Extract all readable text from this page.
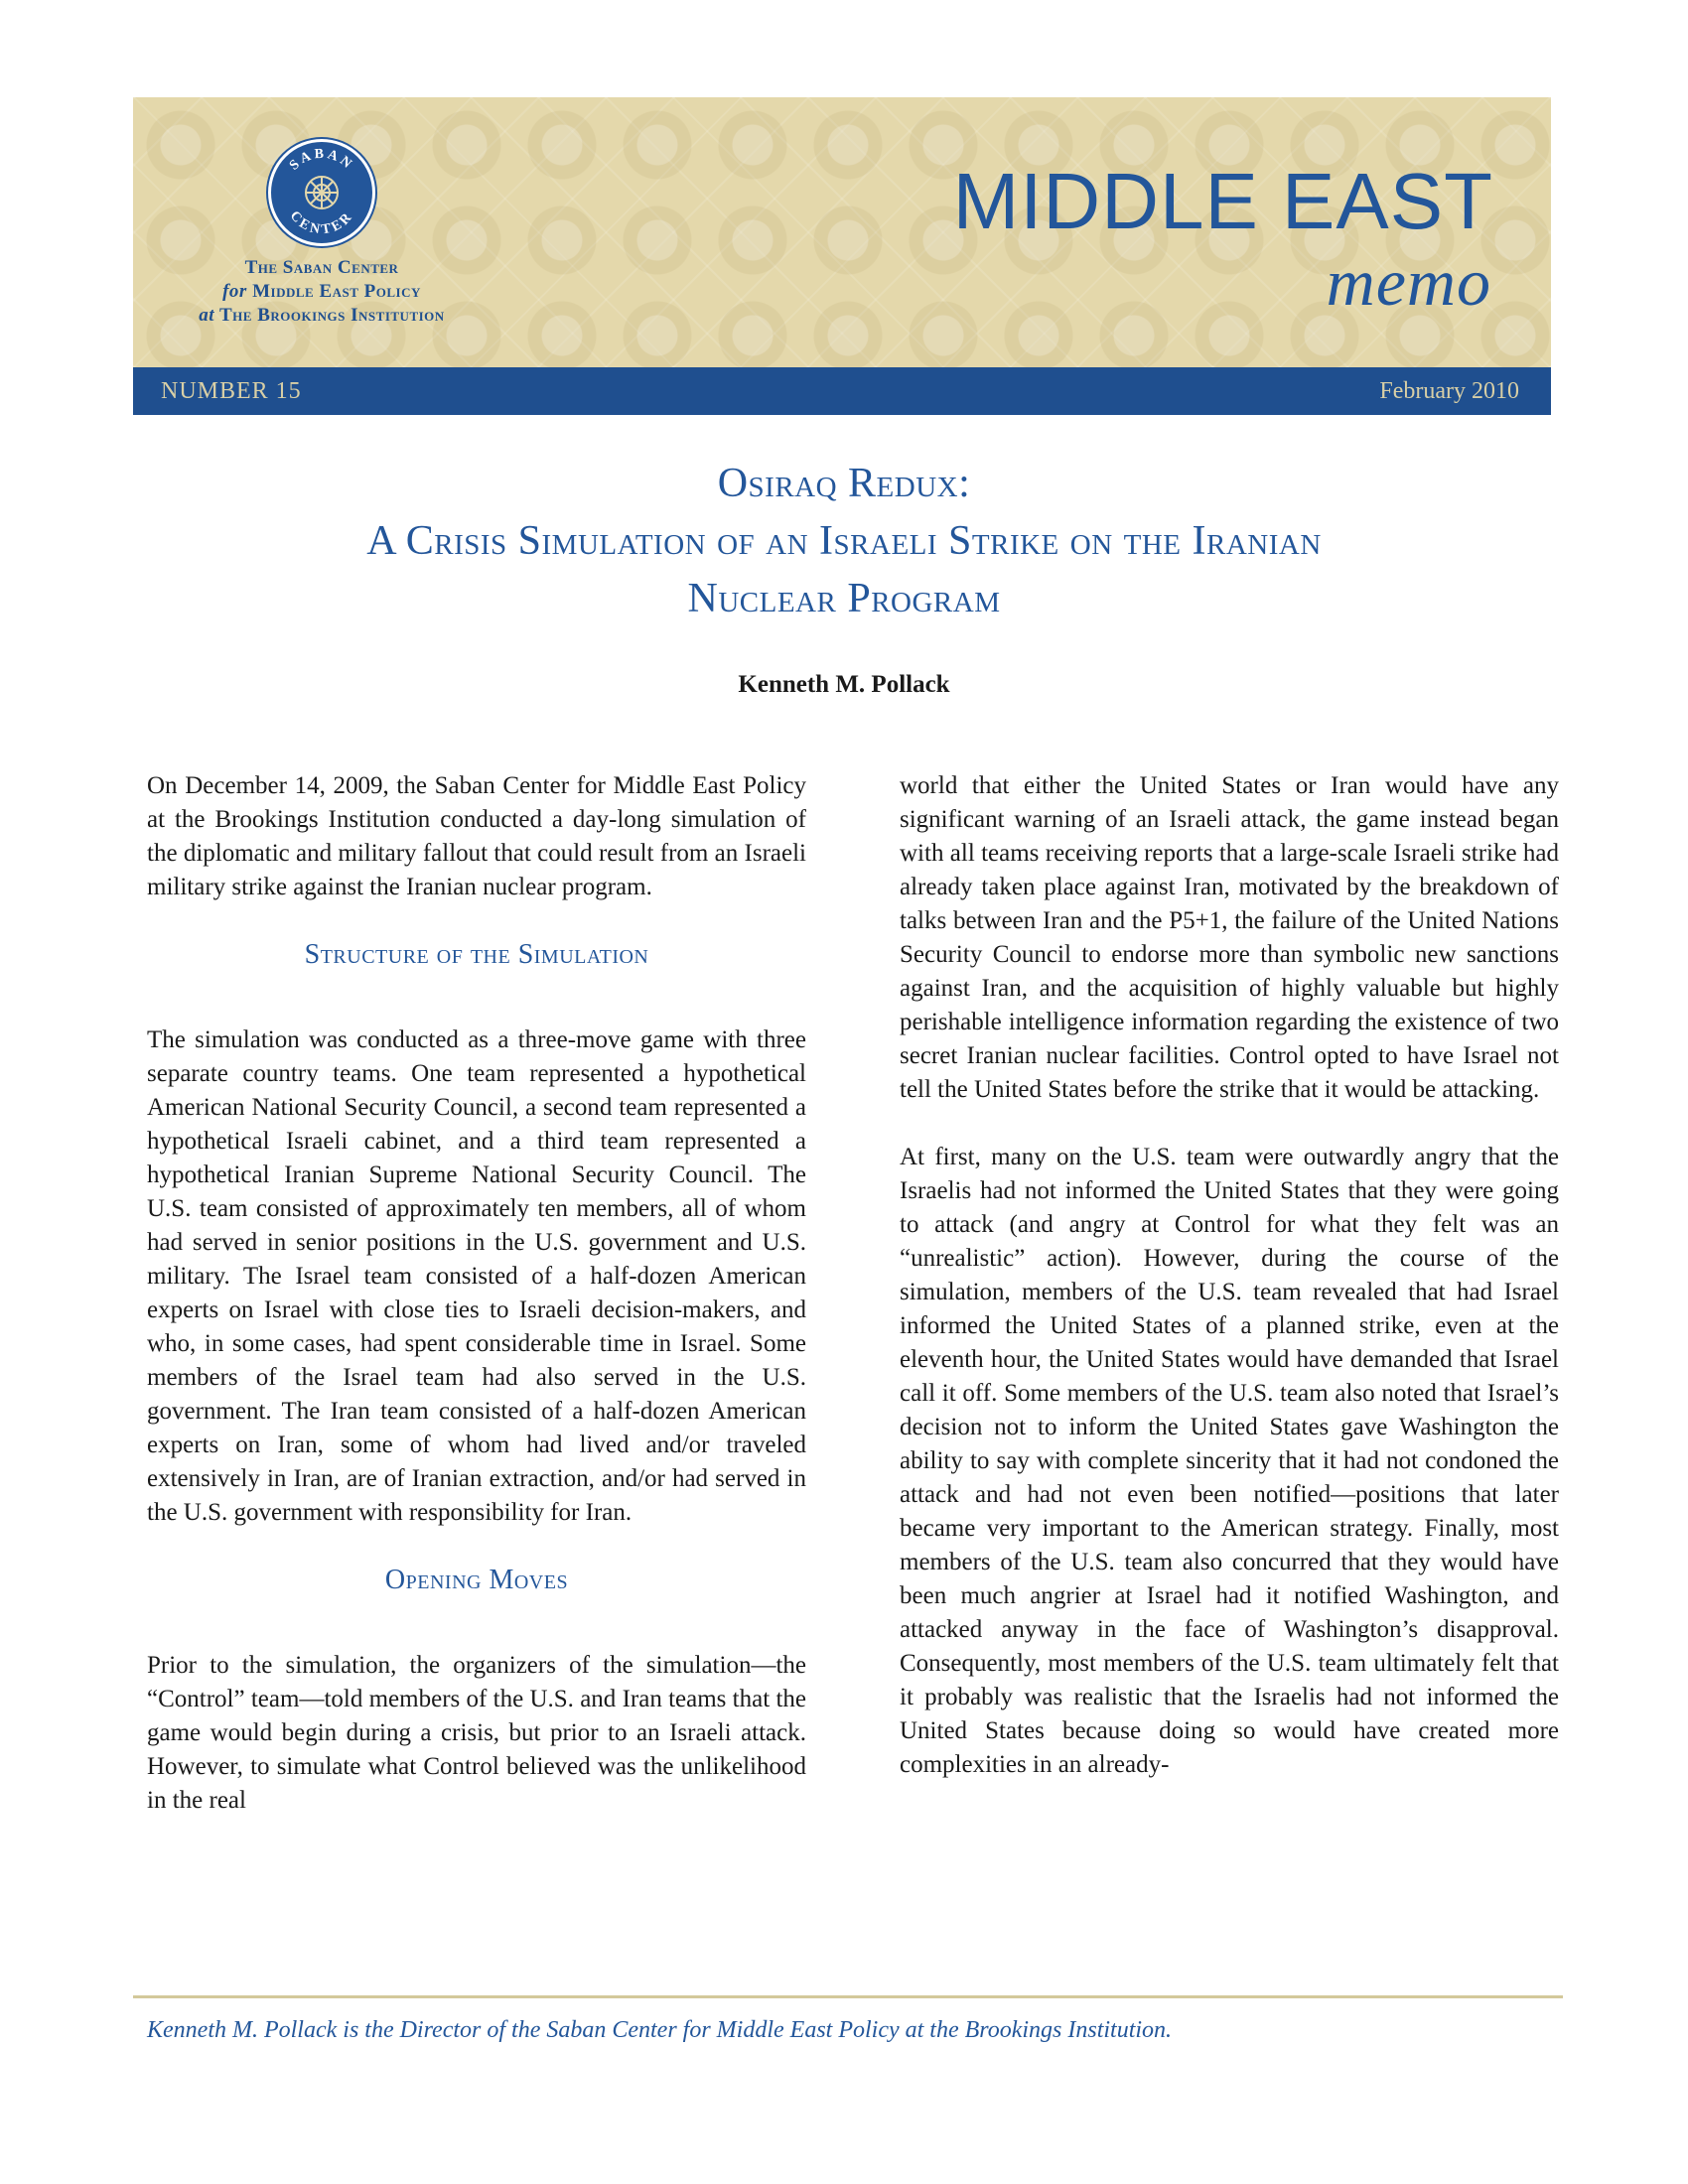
SABAN
CENTER
The Saban Center
for Middle East Policy
at The Brookings Institution
MIDDLE EAST
memo
NUMBER 15	February 2010
Osiraq Redux:
A Crisis Simulation of an Israeli Strike on the Iranian
Nuclear Program
Kenneth M. Pollack

On December 14, 2009, the Saban Center for Middle East Policy at the Brookings Institution conducted a day-long simulation of the diplomatic and military fallout that could result from an Israeli military strike against the Iranian nuclear program.

Structure of the Simulation

The simulation was conducted as a three-move game with three separate country teams. One team represented a hypothetical American National Security Council, a second team represented a hypothetical Israeli cabinet, and a third team represented a hypothetical Iranian Supreme National Security Council. The U.S. team consisted of approximately ten members, all of whom had served in senior positions in the U.S. government and U.S. military. The Israel team consisted of a half-dozen American experts on Israel with close ties to Israeli decision-makers, and who, in some cases, had spent considerable time in Israel. Some members of the Israel team had also served in the U.S. government. The Iran team consisted of a half-dozen American experts on Iran, some of whom had lived and/or traveled extensively in Iran, are of Iranian extraction, and/or had served in the U.S. government with responsibility for Iran.

Opening Moves

Prior to the simulation, the organizers of the simulation—the “Control” team—told members of the U.S. and Iran teams that the game would begin during a crisis, but prior to an Israeli attack. However, to simulate what Control believed was the unlikelihood in the real

world that either the United States or Iran would have any significant warning of an Israeli attack, the game instead began with all teams receiving reports that a large-scale Israeli strike had already taken place against Iran, motivated by the breakdown of talks between Iran and the P5+1, the failure of the United Nations Security Council to endorse more than symbolic new sanctions against Iran, and the acquisition of highly valuable but highly perishable intelligence information regarding the existence of two secret Iranian nuclear facilities. Control opted to have Israel not tell the United States before the strike that it would be attacking.

At first, many on the U.S. team were outwardly angry that the Israelis had not informed the United States that they were going to attack (and angry at Control for what they felt was an “unrealistic” action). However, during the course of the simulation, members of the U.S. team revealed that had Israel informed the United States of a planned strike, even at the eleventh hour, the United States would have demanded that Israel call it off. Some members of the U.S. team also noted that Israel’s decision not to inform the United States gave Washington the ability to say with complete sincerity that it had not condoned the attack and had not even been notified—positions that later became very important to the American strategy. Finally, most members of the U.S. team also concurred that they would have been much angrier at Israel had it notified Washington, and attacked anyway in the face of Washington’s disapproval. Consequently, most members of the U.S. team ultimately felt that it probably was realistic that the Israelis had not informed the United States because doing so would have created more complexities in an already-

Kenneth M. Pollack is the Director of the Saban Center for Middle East Policy at the Brookings Institution.
